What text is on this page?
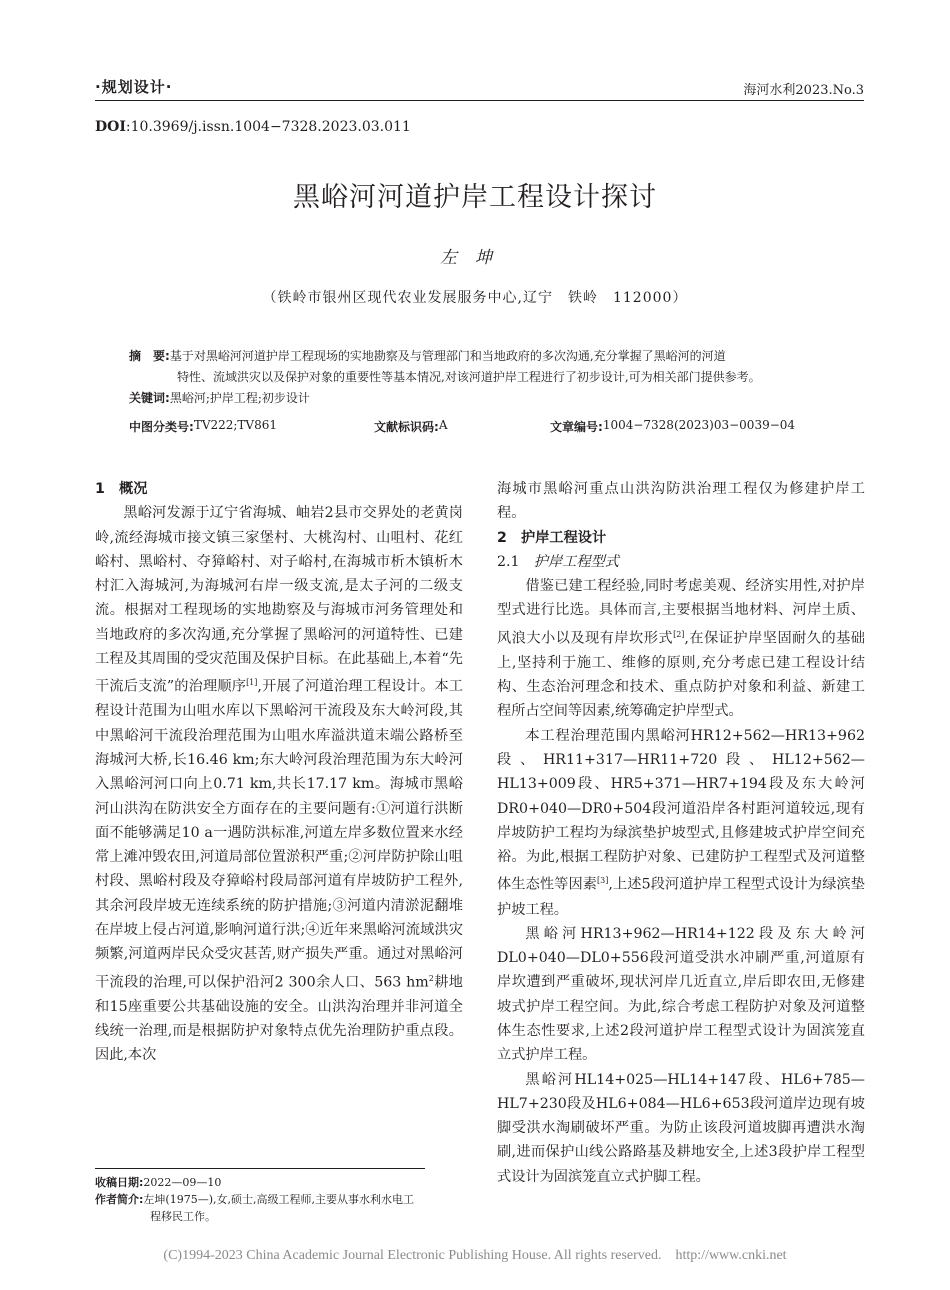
·规划设计·	海河水利2023.No.3
DOI:10.3969/j.issn.1004−7328.2023.03.011
黑峪河河道护岸工程设计探讨
左坤
（铁岭市银州区现代农业发展服务中心,辽宁　铁岭　112000）

摘　要:基于对黑峪河河道护岸工程现场的实地勘察及与管理部门和当地政府的多次沟通,充分掌握了黑峪河的河道

特性、流域洪灾以及保护对象的重要性等基本情况,对该河道护岸工程进行了初步设计,可为相关部门提供参考。

关键词:黑峪河;护岸工程;初步设计

中图分类号: TV222;TV861	文献标识码: A	文章编号: 1004−7328(2023)03−0039−04

1　概况

黑峪河发源于辽宁省海城、岫岩2县市交界处的老黄岗岭,流经海城市接文镇三家堡村、大桃沟村、山咀村、花红峪村、黑峪村、夺獐峪村、对子峪村,在海城市析木镇析木村汇入海城河,为海城河右岸一级支流,是太子河的二级支流。根据对工程现场的实地勘察及与海城市河务管理处和当地政府的多次沟通,充分掌握了黑峪河的河道特性、已建工程及其周围的受灾范围及保护目标。在此基础上,本着“先干流后支流”的治理顺序[1],开展了河道治理工程设计。本工程设计范围为山咀水库以下黑峪河干流段及东大岭河段,其中黑峪河干流段治理范围为山咀水库溢洪道末端公路桥至海城河大桥,长16.46 km;东大岭河段治理范围为东大岭河入黑峪河河口向上0.71 km,共长17.17 km。海城市黑峪河山洪沟在防洪安全方面存在的主要问题有:①河道行洪断面不能够满足10 a一遇防洪标准,河道左岸多数位置来水经常上滩冲毁农田,河道局部位置淤积严重;②河岸防护除山咀村段、黑峪村段及夺獐峪村段局部河道有岸坡防护工程外,其余河段岸坡无连续系统的防护措施;③河道内清淤泥翻堆在岸坡上侵占河道,影响河道行洪;④近年来黑峪河流域洪灾频繁,河道两岸民众受灾甚苦,财产损失严重。通过对黑峪河干流段的治理,可以保护沿河2 300余人口、563 $hm^2$耕地和15座重要公共基础设施的安全。山洪沟治理并非河道全线统一治理,而是根据防护对象特点优先治理防护重点段。因此,本次

收稿日期:2022—09—10

作者简介:左坤(1975—),女,硕士,高级工程师,主要从事水利水电工

程移民工作。

海城市黑峪河重点山洪沟防洪治理工程仅为修建护岸工程。

2　护岸工程设计

2.1　 护岸工程型式

借鉴已建工程经验,同时考虑美观、经济实用性,对护岸型式进行比选。具体而言,主要根据当地材料、河岸土质、风浪大小以及现有岸坎形式[2],在保证护岸坚固耐久的基础上,坚持利于施工、维修的原则,充分考虑已建工程设计结构、生态治河理念和技术、重点防护对象和利益、新建工程所占空间等因素,统筹确定护岸型式。

本工程治理范围内黑峪河HR12+562—HR13+962段、HR11+317—HR11+720段、HL12+562—HL13+009段、HR5+371—HR7+194段及东大岭河DR0+040—DR0+504段河道沿岸各村距河道较远,现有岸坡防护工程均为绿滨垫护坡型式,且修建坡式护岸空间充裕。为此,根据工程防护对象、已建防护工程型式及河道整体生态性等因素[3],上述5段河道护岸工程型式设计为绿滨垫护坡工程。

黑峪河HR13+962—HR14+122段及东大岭河DL0+040—DL0+556段河道受洪水冲刷严重,河道原有岸坎遭到严重破坏,现状河岸几近直立,岸后即农田,无修建坡式护岸工程空间。为此,综合考虑工程防护对象及河道整体生态性要求,上述2段河道护岸工程型式设计为固滨笼直立式护岸工程。

黑峪河HL14+025—HL14+147段、HL6+785—HL7+230段及HL6+084—HL6+653段河道岸边现有坡脚受洪水淘刷破坏严重。为防止该段河道坡脚再遭洪水淘刷,进而保护山线公路路基及耕地安全,上述3段护岸工程型式设计为固滨笼直立式护脚工程。

(C)1994-2023 China Academic Journal Electronic Publishing House. All rights reserved.　http://www.cnki.net
